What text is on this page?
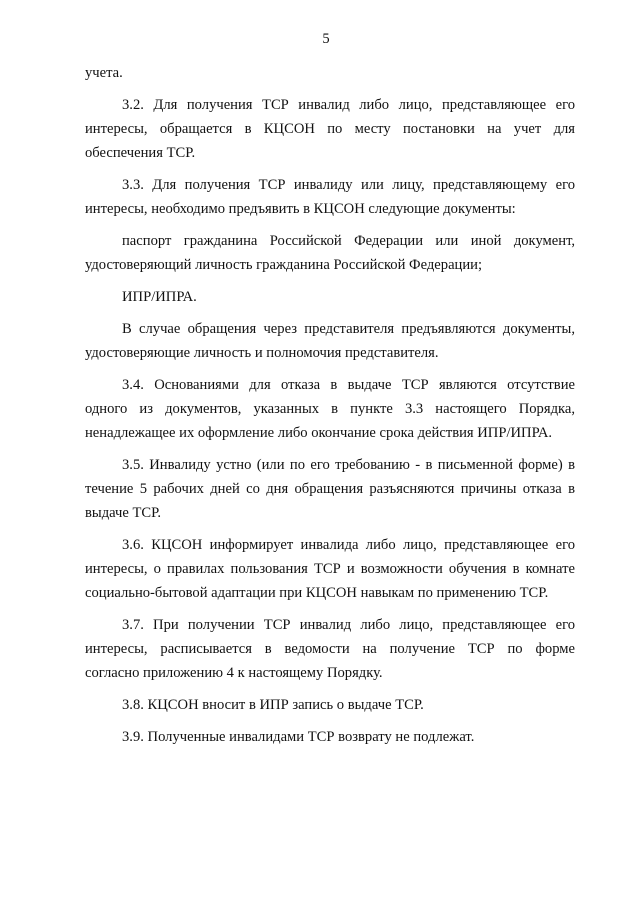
5
учета.
3.2. Для получения ТСР инвалид либо лицо, представляющее его
интересы, обращается в КЦСОН по месту постановки на учет для
обеспечения ТСР.
3.3. Для получения ТСР инвалиду или лицу, представляющему его
интересы, необходимо предъявить в КЦСОН следующие документы:
паспорт гражданина Российской Федерации или иной документ,
удостоверяющий личность гражданина Российской Федерации;
ИПР/ИПРА.
В случае обращения через представителя предъявляются документы,
удостоверяющие личность и полномочия представителя.
3.4. Основаниями для отказа в выдаче ТСР являются отсутствие
одного из документов, указанных в пункте 3.3 настоящего Порядка,
ненадлежащее их оформление либо окончание срока действия ИПР/ИПРА.
3.5. Инвалиду устно (или по его требованию - в письменной форме) в
течение 5 рабочих дней со дня обращения разъясняются причины отказа в
выдаче ТСР.
3.6. КЦСОН информирует инвалида либо лицо, представляющее его
интересы, о правилах пользования ТСР и возможности обучения в комнате
социально-бытовой адаптации при КЦСОН навыкам по применению ТСР.
3.7. При получении ТСР инвалид либо лицо, представляющее его
интересы, расписывается в ведомости на получение ТСР по форме
согласно приложению 4 к настоящему Порядку.
3.8. КЦСОН вносит в ИПР запись о выдаче ТСР.
3.9. Полученные инвалидами ТСР возврату не подлежат.
